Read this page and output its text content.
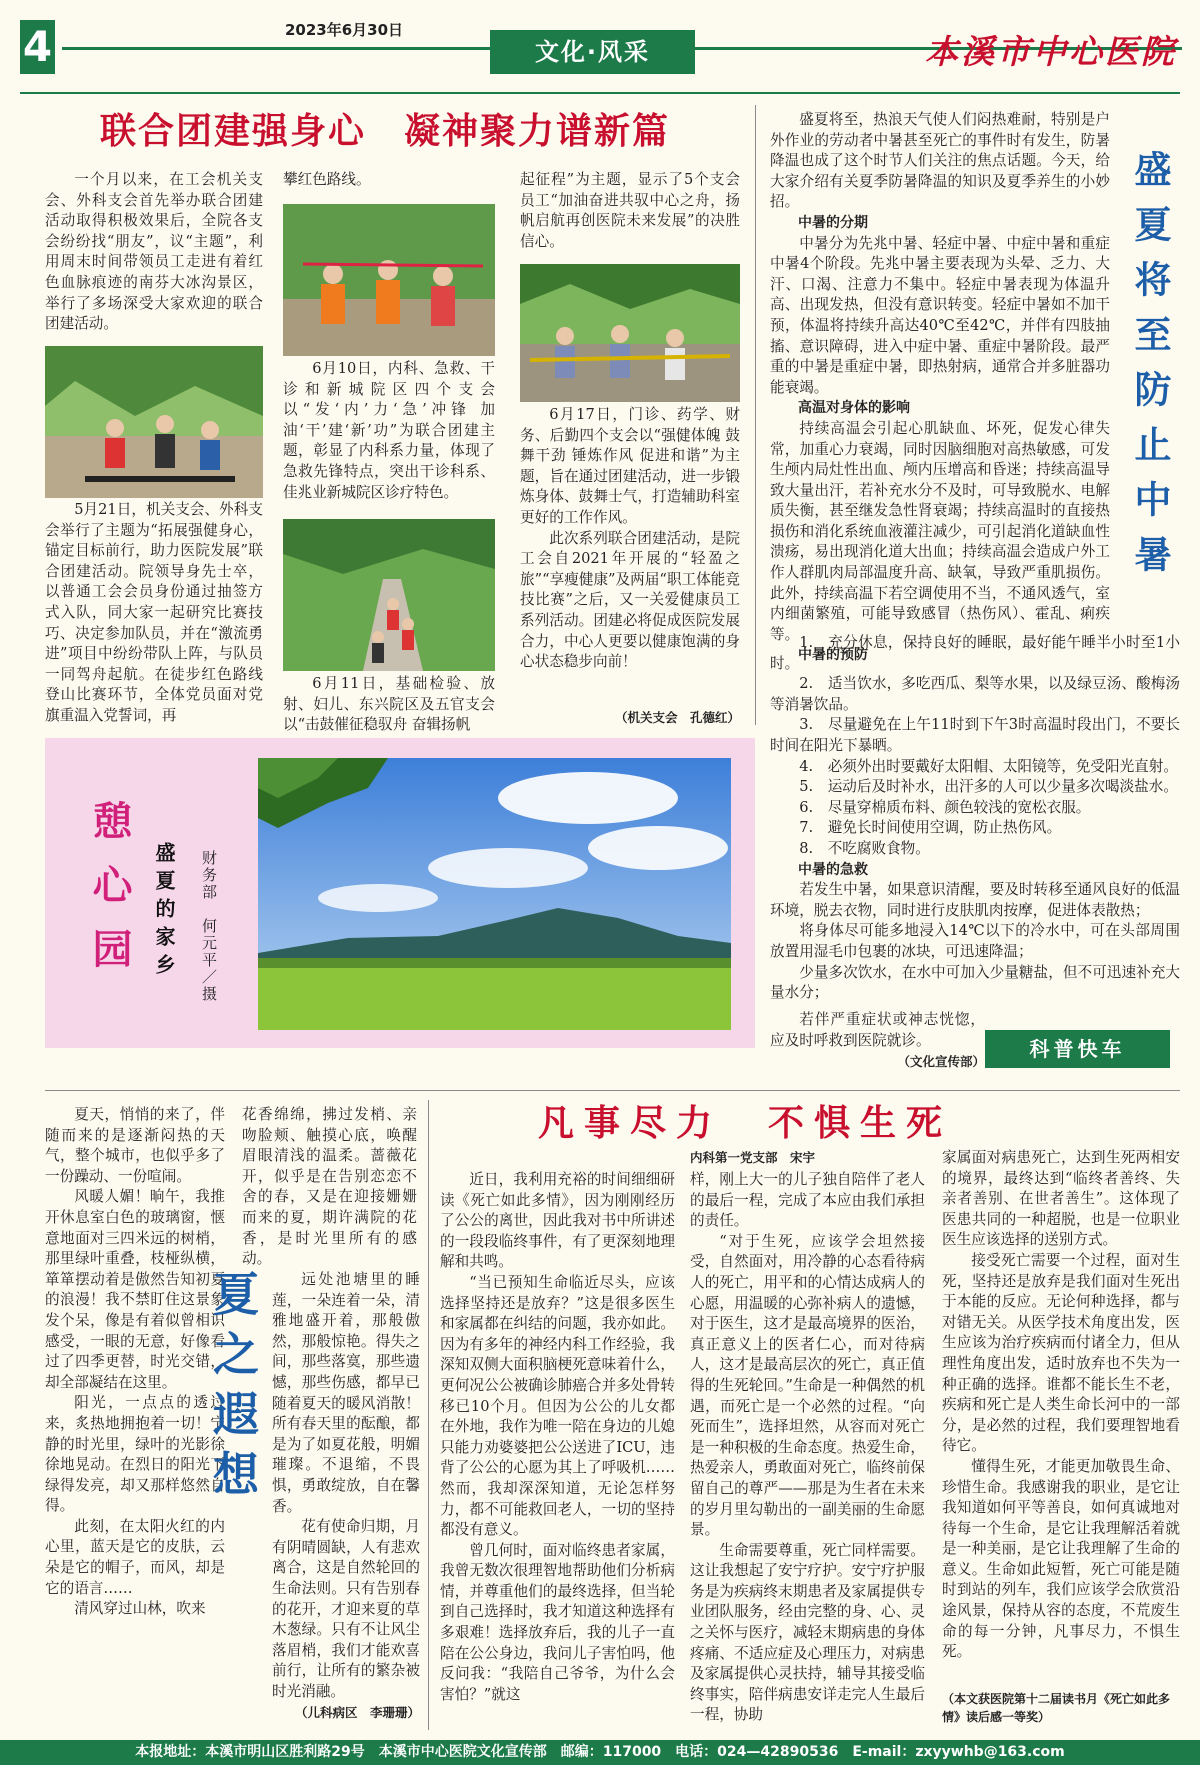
4	2023年6月30日
文化·风采	本溪市中心医院
联合团建强身心　凝神聚力谱新篇

一个月以来，在工会机关支会、外科支会首先举办联合团建活动取得积极效果后，全院各支会纷纷找“朋友”，议“主题”，利用周末时间带领员工走进有着红色血脉痕迹的南芬大冰沟景区，举行了多场深受大家欢迎的联合团建活动。

5月21日，机关支会、外科支会举行了主题为“拓展强健身心，锚定目标前行，助力医院发展”联合团建活动。院领导身先士卒，以普通工会会员身份通过抽签方式入队，同大家一起研究比赛技巧、决定参加队员，并在“激流勇进”项目中纷纷带队上阵，与队员一同驾舟起航。在徒步红色路线登山比赛环节，全体党员面对党旗重温入党誓词，再

攀红色路线。

6月10日，内科、急救、干诊和新城院区四个支会以“发‘内’力‘急’冲锋 加油‘干’建‘新’功”为联合团建主题，彰显了内科系力量，体现了急救先锋特点，突出干诊科系、佳兆业新城院区诊疗特色。

6月11日，基础检验、放射、妇儿、东兴院区及五官支会以“击鼓催征稳驭舟 奋辑扬帆

起征程”为主题，显示了5个支会员工“加油奋进共驭中心之舟，扬帆启航再创医院未来发展”的决胜信心。

6月17日，门诊、药学、财务、后勤四个支会以“强健体魄 鼓舞干劲 锤炼作风 促进和谐”为主题，旨在通过团建活动，进一步锻炼身体、鼓舞士气，打造辅助科室更好的工作作风。

此次系列联合团建活动，是院工会自2021年开展的“轻盈之旅”“享瘦健康”及两届“职工体能竞技比赛”之后，又一关爱健康员工系列活动。团建必将促成医院发展合力，中心人更要以健康饱满的身心状态稳步向前！

（机关支会　孔德红）

盛夏将至，热浪天气使人们闷热难耐，特别是户外作业的劳动者中暑甚至死亡的事件时有发生，防暑降温也成了这个时节人们关注的焦点话题。今天，给大家介绍有关夏季防暑降温的知识及夏季养生的小妙招。

中暑的分期

中暑分为先兆中暑、轻症中暑、中症中暑和重症中暑4个阶段。先兆中暑主要表现为头晕、乏力、大汗、口渴、注意力不集中。轻症中暑表现为体温升高、出现发热，但没有意识转变。轻症中暑如不加干预，体温将持续升高达40℃至42℃，并伴有四肢抽搐、意识障碍，进入中症中暑、重症中暑阶段。最严重的中暑是重症中暑，即热射病，通常合并多脏器功能衰竭。

高温对身体的影响

持续高温会引起心肌缺血、坏死，促发心律失常，加重心力衰竭，同时因脑细胞对高热敏感，可发生颅内局灶性出血、颅内压增高和昏迷；持续高温导致大量出汗，若补充水分不及时，可导致脱水、电解质失衡，甚至继发急性肾衰竭；持续高温时的直接热损伤和消化系统血液灌注减少，可引起消化道缺血性溃疡，易出现消化道大出血；持续高温会造成户外工作人群肌肉局部温度升高、缺氧，导致严重肌损伤。此外，持续高温下若空调使用不当，不通风透气，室内细菌繁殖，可能导致感冒（热伤风）、霍乱、痢疾等。

中暑的预防
盛夏将至防止中暑

1.　充分休息，保持良好的睡眠，最好能午睡半小时至1小时。

2.　适当饮水，多吃西瓜、梨等水果，以及绿豆汤、酸梅汤等消暑饮品。

3.　尽量避免在上午11时到下午3时高温时段出门，不要长时间在阳光下暴晒。

4.　必须外出时要戴好太阳帽、太阳镜等，免受阳光直射。

5.　运动后及时补水，出汗多的人可以少量多次喝淡盐水。

6.　尽量穿棉质布料、颜色较浅的宽松衣服。

7.　避免长时间使用空调，防止热伤风。

8.　不吃腐败食物。

中暑的急救

若发生中暑，如果意识清醒，要及时转移至通风良好的低温环境，脱去衣物，同时进行皮肤肌肉按摩，促进体表散热；

将身体尽可能多地浸入14℃以下的冷水中，可在头部周围放置用湿毛巾包裹的冰块，可迅速降温；

少量多次饮水，在水中可加入少量糖盐，但不可迅速补充大量水分；

若伴严重症状或神志恍惚，应及时呼救到医院就诊。

（文化宣传部）
科普快车
憩心园 盛夏的家乡 财务部　何元平／摄

夏天，悄悄的来了，伴随而来的是逐渐闷热的天气，整个城市，也似乎多了一份躁动、一份喧闹。

风暖人媚！晌午，我推开休息室白色的玻璃窗，惬意地面对三四米远的树梢，那里绿叶重叠，枝桠纵横，箪箪摆动着是傲然告知初夏的浪漫！我不禁盯住这景象发个呆，像是有着似曾相识感受，一眼的无意，好像看过了四季更替，时光交错，却全部凝结在这里。

阳光，一点点的透过来，炙热地拥抱着一切！宁静的时光里，绿叶的光影徐徐地晃动。在烈日的阳光下绿得发亮，却又那样悠然自得。

此刻，在太阳火红的内心里，蓝天是它的皮肤，云朵是它的帽子，而风，却是它的语言……

清风穿过山林，吹来

花香绵绵，拂过发梢、亲吻脸颊、触摸心底，唤醒眉眼清浅的温柔。蔷薇花开，似乎是在告别恋恋不舍的春，又是在迎接姗姗而来的夏，期许满院的花香，是时光里所有的感动。

夏之遐想	远处池塘里的睡莲，一朵连着一朵，清雅地盛开着，那般傲然，那般惊艳。得失之间，那些落寞，那些遗憾，那些伤感，都早已随着夏天的暖风消散！所有春天里的酝酿，都是为了如夏花般，明媚璀璨。不退缩，不畏惧，勇敢绽放，自在馨香。

花有使命归期，月有阴晴圆缺，人有悲欢离合，这是自然轮回的生命法则。只有告别春的花开，才迎来夏的草木葱绿。只有不让风尘落眉梢，我们才能欢喜前行，让所有的繁杂被时光消融。

（儿科病区　李珊珊）
凡事尽力　不惧生死
内科第一党支部　宋宇

近日，我利用充裕的时间细细研读《死亡如此多情》，因为刚刚经历了公公的离世，因此我对书中所讲述的一段段临终事件，有了更深刻地理解和共鸣。

“当已预知生命临近尽头，应该选择坚持还是放弃？”这是很多医生和家属都在纠结的问题，我亦如此。因为有多年的神经内科工作经验，我深知双侧大面积脑梗死意味着什么，更何况公公被确诊肺癌合并多处骨转移已10个月。但因为公公的儿女都在外地，我作为唯一陪在身边的儿媳只能力劝婆婆把公公送进了ICU，违背了公公的心愿为其上了呼吸机……然而，我却深深知道，无论怎样努力，都不可能救回老人，一切的坚持都没有意义。

曾几何时，面对临终患者家属，我曾无数次很理智地帮助他们分析病情，并尊重他们的最终选择，但当轮到自己选择时，我才知道这种选择有多艰难！选择放弃后，我的儿子一直陪在公公身边，我问儿子害怕吗，他反问我：“我陪自己爷爷，为什么会害怕？”就这

样，刚上大一的儿子独自陪伴了老人的最后一程，完成了本应由我们承担的责任。

“对于生死，应该学会坦然接受，自然面对，用冷静的心态看待病人的死亡，用平和的心情达成病人的心愿，用温暖的心弥补病人的遗憾，对于医生，这才是最高境界的医治，真正意义上的医者仁心，而对待病人，这才是最高层次的死亡，真正值得的生死轮回。”生命是一种偶然的机遇，而死亡是一个必然的过程。“向死而生”，选择坦然，从容而对死亡是一种积极的生命态度。热爱生命，热爱亲人，勇敢面对死亡，临终前保留自己的尊严——那是为生者在未来的岁月里勾勒出的一副美丽的生命愿景。

生命需要尊重，死亡同样需要。这让我想起了安宁疗护。安宁疗护服务是为疾病终末期患者及家属提供专业团队服务，经由完整的身、心、灵之关怀与医疗，减轻末期病患的身体疼痛、不适应症及心理压力，对病患及家属提供心灵扶持，辅导其接受临终事实，陪伴病患安详走完人生最后一程，协助

家属面对病患死亡，达到生死两相安的境界，最终达到“临终者善终、失亲者善别、在世者善生”。这体现了医患共同的一种超脱，也是一位职业医生应该选择的送别方式。

接受死亡需要一个过程，面对生死，坚持还是放弃是我们面对生死出于本能的反应。无论何种选择，都与对错无关。从医学技术角度出发，医生应该为治疗疾病而付诸全力，但从理性角度出发，适时放弃也不失为一种正确的选择。谁都不能长生不老，疾病和死亡是人类生命长河中的一部分，是必然的过程，我们要理智地看待它。

懂得生死，才能更加敬畏生命、珍惜生命。我感谢我的职业，是它让我知道如何平等善良，如何真诚地对待每一个生命，是它让我理解活着就是一种美丽，是它让我理解了生命的意义。生命如此短暂，死亡可能是随时到站的列车，我们应该学会欣赏沿途风景，保持从容的态度，不荒废生命的每一分钟，凡事尽力，不惧生死。

（本文获医院第十二届读书月《死亡如此多情》读后感一等奖）
本报地址：本溪市明山区胜利路29号　本溪市中心医院文化宣传部　邮编：117000　电话：024—42890536　E-mail：zxyywhb@163.com
